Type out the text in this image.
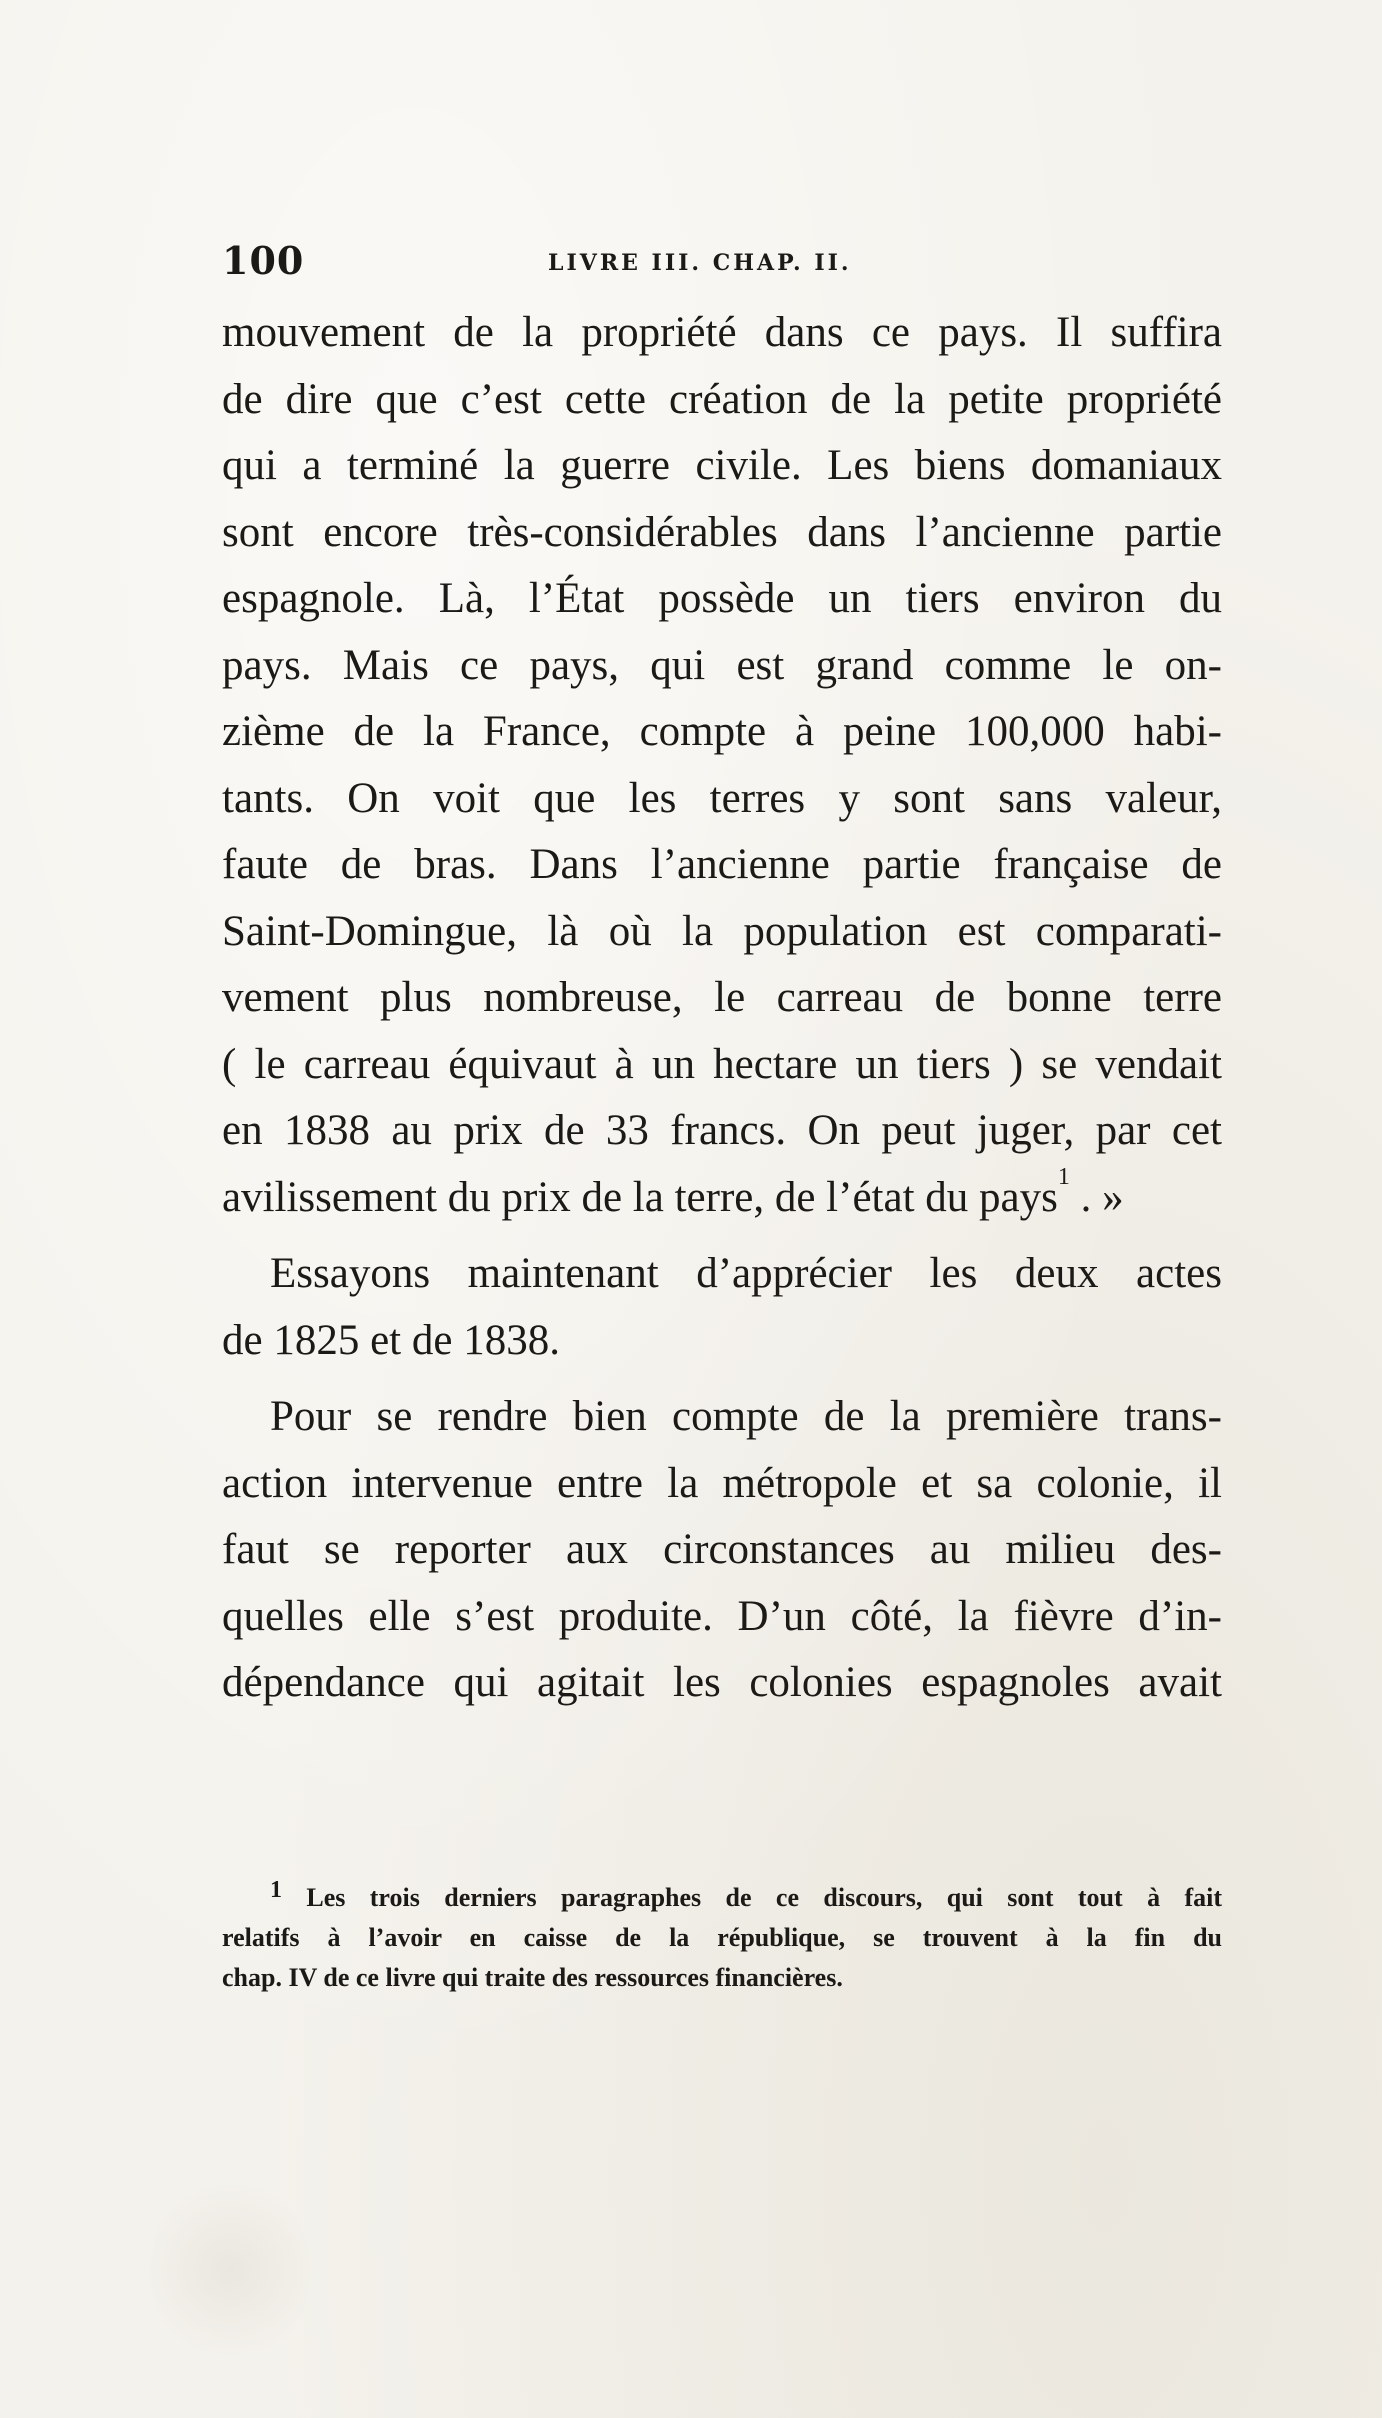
100	LIVRE III. CHAP. II.
mouvement de la propriété dans ce pays. Il suffira
de dire que c’est cette création de la petite propriété
qui a terminé la guerre civile. Les biens domaniaux
sont encore très-considérables dans l’ancienne partie
espagnole. Là, l’État possède un tiers environ du
pays. Mais ce pays, qui est grand comme le on-
zième de la France, compte à peine 100,000 habi-
tants. On voit que les terres y sont sans valeur,
faute de bras. Dans l’ancienne partie française de
Saint-Domingue, là où la population est comparati-
vement plus nombreuse, le carreau de bonne terre
( le carreau équivaut à un hectare un tiers ) se vendait
en 1838 au prix de 33 francs. On peut juger, par cet
avilissement du prix de la terre, de l’état du pays$^1$ . »
Essayons maintenant d’apprécier les deux actes
de 1825 et de 1838.
Pour se rendre bien compte de la première trans-
action intervenue entre la métropole et sa colonie, il
faut se reporter aux circonstances au milieu des-
quelles elle s’est produite. D’un côté, la fièvre d’in-
dépendance qui agitait les colonies espagnoles avait
$^1$ Les trois derniers paragraphes de ce discours, qui sont tout à fait
relatifs à l’avoir en caisse de la république, se trouvent à la fin du
chap. IV de ce livre qui traite des ressources financières.
